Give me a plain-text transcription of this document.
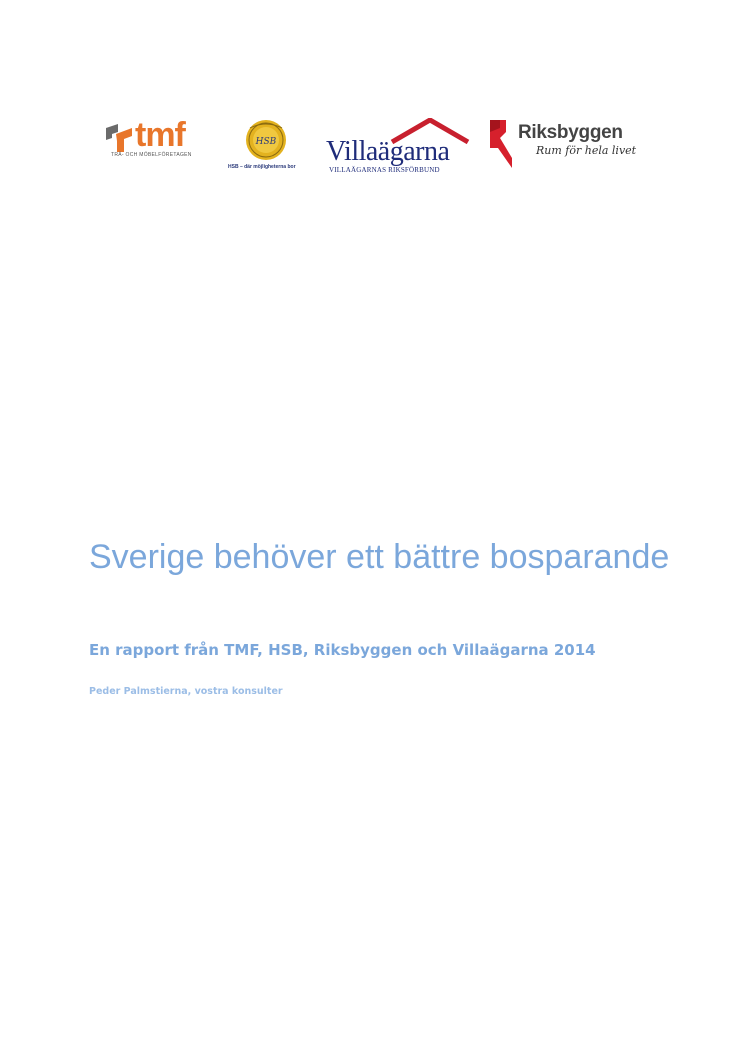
tmf
TRÄ- OCH MÖBELFÖRETAGEN
HSB
HSB – där möjligheterna bor Villaägarna
VILLAÄGARNAS RIKSFÖRBUND
Riksbyggen
Rum för hela livet
Sverige behöver ett bättre bosparande

En rapport från TMF, HSB, Riksbyggen och Villaägarna 2014

Peder Palmstierna, vostra konsulter
